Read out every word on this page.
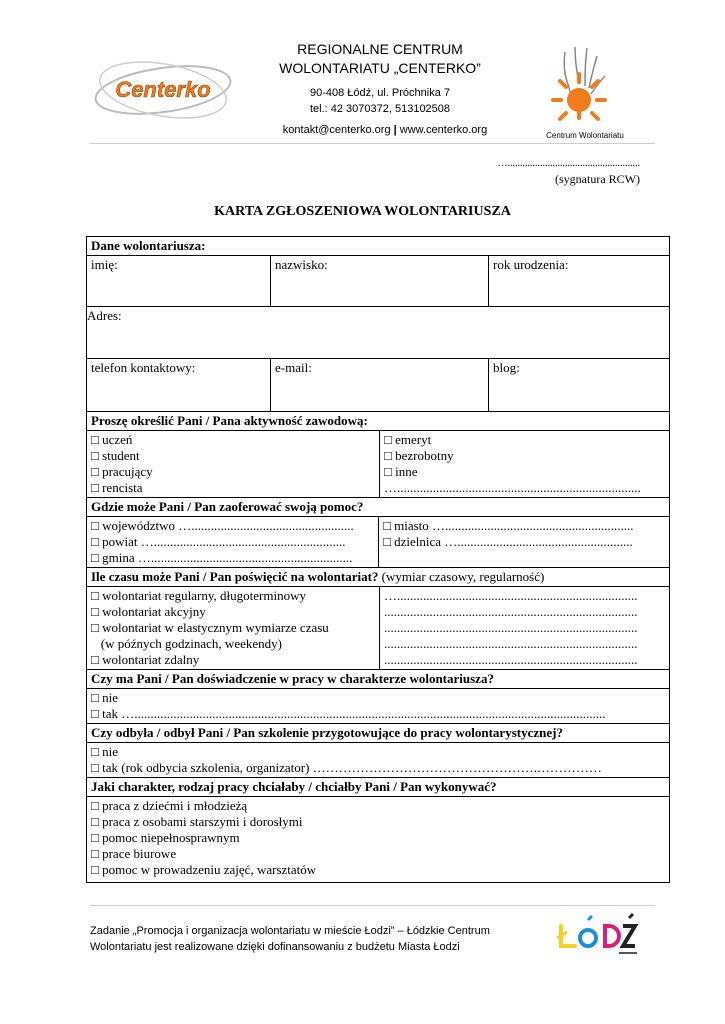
Centerko
REGIONALNE CENTRUM
WOLONTARIATU „CENTERKO”
90-408 Łódź, ul. Próchnika 7
tel.: 42 3070372, 513102508
kontakt@centerko.org | www.centerko.org	Centrum Wolontariatu
….....................................................
(sygnatura RCW)
KARTA ZGŁOSZENIOWA WOLONTARIUSZA
Dane wolontariusza:
imię:	nazwisko:	rok urodzenia:
Adres:
telefon kontaktowy:	e-mail:	blog:
Proszę określić Pani / Pana aktywność zawodową:
□ uczeń
□ student
□ pracujący
□ rencista
□ emeryt
□ bezrobotny
□ inne
…...........................................................................
Gdzie może Pani / Pan zaoferować swoją pomoc?
□ województwo …..................................................
□ powiat …...........................................................
□ gmina …..............................................................
□ miasto …..........................................................
□ dzielnica …......................................................
Ile czasu może Pani / Pan poświęcić na wolontariat? (wymiar czasowy, regularność)
□ wolontariat regularny, długoterminowy
□ wolontariat akcyjny
□ wolontariat w elastycznym wymiarze czasu
(w późnych godzinach, weekendy)
□ wolontariat zdalny
…..........................................................................
..............................................................................
..............................................................................
..............................................................................
..............................................................................
Czy ma Pani / Pan doświadczenie w pracy w charakterze wolontariusza?
□ nie
□ tak ….................................................................................................................................................
Czy odbyła / odbył Pani / Pan szkolenie przygotowujące do pracy wolontarystycznej?
□ nie
□ tak (rok odbycia szkolenia, organizator) …………………………………………….……………
Jaki charakter, rodzaj pracy chciałaby / chciałby Pani / Pan wykonywać?
□ praca z dziećmi i młodzieżą
□ praca z osobami starszymi i dorosłymi
□ pomoc niepełnosprawnym
□ prace biurowe
□ pomoc w prowadzeniu zajęć, warsztatów
Zadanie „Promocja i organizacja wolontariatu w mieście Łodzi” – Łódzkie Centrum
Wolontariatu jest realizowane dzięki dofinansowaniu z budżetu Miasta Łodzi
